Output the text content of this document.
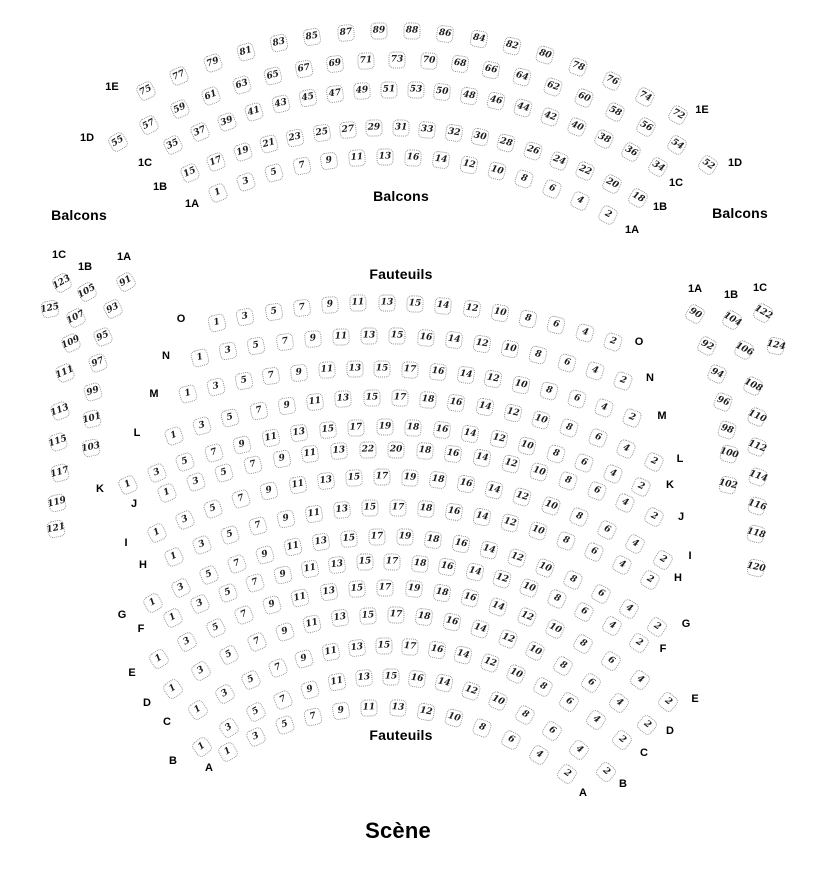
Balcons
Balcons
Balcons
Fauteuils
Fauteuils
Scène
75
77
79
81
83
85	87 89 88 86	84
82
80
78
76
74
72
1E
1E
55
57
59
61
63
65
67	69	71 73 70	68	66
64
62
60
58
56
54
52
1D
1D
35
37
39
41
43	45	47	49 51 53 50	48	46
44
42
40
38
36
34
1C
1C
15
17
19
21	23	25	27 29 31 33	32	30	28
26
24
22
20
18
1B
1B
1
3
5
7	9	11 13 16	14	12	10
8
6
4
2
1A
1A
1
3	5	7	9	11 13 15 14	12	10	8
6
4
2
O
O
1
3	5	7	9	11 13 15 16 14	12	10
8
6
4
2
N
N
1
3
5	7	9	11 13 15 17 16	14	12	10
8
6
4
2
M
M
1
3
5
7	9	11 13 15 17 18	16	14	12
10
8
6
4
2
L
L
1
3
5
7
9
11	13	15 17 19 18 16	14	12
10
8
6
4
2
K	K
1
3
5
7
9	11	13 22 20 18	16	14	12
10
8
6
4
2
J
J
1
3
5
7
9
11	13	15 17 19 18	16	14
12
10
8
6
4
2
I
I
1
3
5
7
9	11	13 15 17 18	16	14	12
10
8
6
4
2
H
H
1
3
5
7
9
11	13	15 17 19 18	16	14
12
10
8
6
4
2
G
G
1
3
5
7
9	11	13 15 17 18	16	14
12
10
8
6
4
2
F
F
1
3
5
7
9
11	13	15 17 19	18	16
14
12
10
8
6
4
2
E
E
1
3
5
7
9
11	13	15 17 18	16
14
12
10
8
6
4
2
D
D
1
3
5
7
9
11	13 15 17	16	14
12
10
8
6
4
2
C
C
1
3
5
7
9
11	13 15 16	14
12
10
8
6
4
2
B
B
1
3
5
7
9	11 13	12	10
8
6
4
2
A
A
1C
123
125
1B
105
107
109
111
113
115
117
119
121
1A
91
93
95
97
99
101
103
1A
90
92
94
96
98
100
102
1B
104
106
108
110
112
114
116
118
120
1C
122
124
